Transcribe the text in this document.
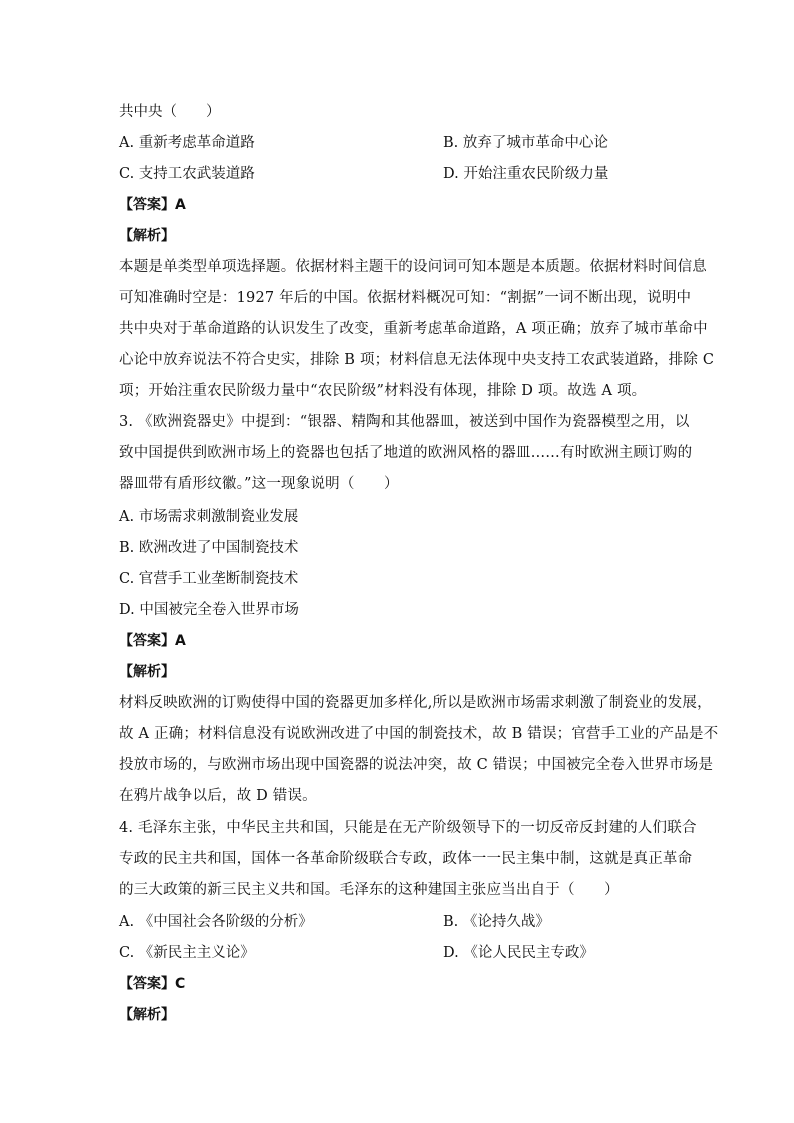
共中央（　　）
A. 重新考虑革命道路	B. 放弃了城市革命中心论
C. 支持工农武装道路	D. 开始注重农民阶级力量
【答案】A
【解析】
本题是单类型单项选择题。依据材料主题干的设问词可知本题是本质题。依据材料时间信息
可知准确时空是：1927 年后的中国。依据材料概况可知：“割据”一词不断出现，说明中
共中央对于革命道路的认识发生了改变，重新考虑革命道路，A 项正确；放弃了城市革命中
心论中放弃说法不符合史实，排除 B 项；材料信息无法体现中央支持工农武装道路，排除 C
项；开始注重农民阶级力量中“农民阶级”材料没有体现，排除 D 项。故选 A 项。
3. 《欧洲瓷器史》中提到：“银器、精陶和其他器皿，被送到中国作为瓷器模型之用，以
致中国提供到欧洲市场上的瓷器也包括了地道的欧洲风格的器皿……有时欧洲主顾订购的
器皿带有盾形纹徽。”这一现象说明（　　）
A. 市场需求刺激制瓷业发展
B. 欧洲改进了中国制瓷技术
C. 官营手工业垄断制瓷技术
D. 中国被完全卷入世界市场
【答案】A
【解析】
材料反映欧洲的订购使得中国的瓷器更加多样化,所以是欧洲市场需求刺激了制瓷业的发展，
故 A 正确；材料信息没有说欧洲改进了中国的制瓷技术，故 B 错误；官营手工业的产品是不
投放市场的，与欧洲市场出现中国瓷器的说法冲突，故 C 错误；中国被完全卷入世界市场是
在鸦片战争以后，故 D 错误。
4. 毛泽东主张，中华民主共和国，只能是在无产阶级领导下的一切反帝反封建的人们联合
专政的民主共和国，国体一各革命阶级联合专政，政体一一民主集中制，这就是真正革命
的三大政策的新三民主义共和国。毛泽东的这种建国主张应当出自于（　　）
A. 《中国社会各阶级的分析》	B. 《论持久战》
C. 《新民主主义论》	D. 《论人民民主专政》
【答案】C
【解析】
